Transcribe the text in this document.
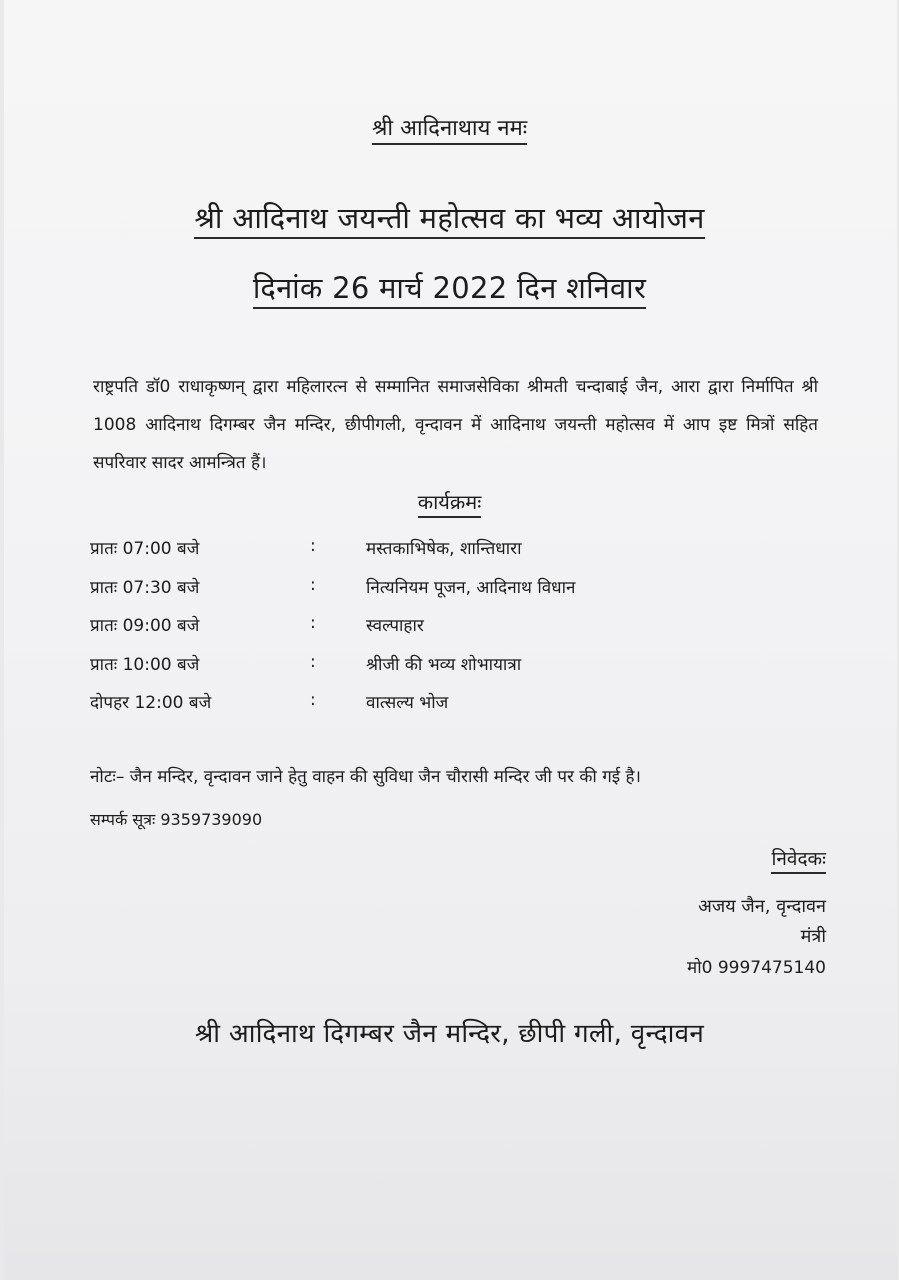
श्री आदिनाथाय नमः
श्री आदिनाथ जयन्ती महोत्सव का भव्य आयोजन
दिनांक 26 मार्च 2022 दिन शनिवार
राष्ट्रपति डॉ0 राधाकृष्णन् द्वारा महिलारत्न से सम्मानित समाजसेविका श्रीमती चन्दाबाई जैन, आरा द्वारा निर्मापित श्री 1008 आदिनाथ दिगम्बर जैन मन्दिर, छीपीगली, वृन्दावन में आदिनाथ जयन्ती महोत्सव में आप इष्ट मित्रों सहित सपरिवार सादर आमन्त्रित हैं।
कार्यक्रमः
प्रातः 07:00 बजे	:	मस्तकाभिषेक, शान्तिधारा
प्रातः 07:30 बजे	:	नित्यनियम पूजन, आदिनाथ विधान
प्रातः 09:00 बजे	:	स्वल्पाहार
प्रातः 10:00 बजे	:	श्रीजी की भव्य शोभायात्रा
दोपहर 12:00 बजे	:	वात्सल्य भोज
नोटः– जैन मन्दिर, वृन्दावन जाने हेतु वाहन की सुविधा जैन चौरासी मन्दिर जी पर की गई है।
सम्पर्क सूत्रः 9359739090
निवेदकः
अजय जैन, वृन्दावन
मंत्री
मो0 9997475140
श्री आदिनाथ दिगम्बर जैन मन्दिर, छीपी गली, वृन्दावन
